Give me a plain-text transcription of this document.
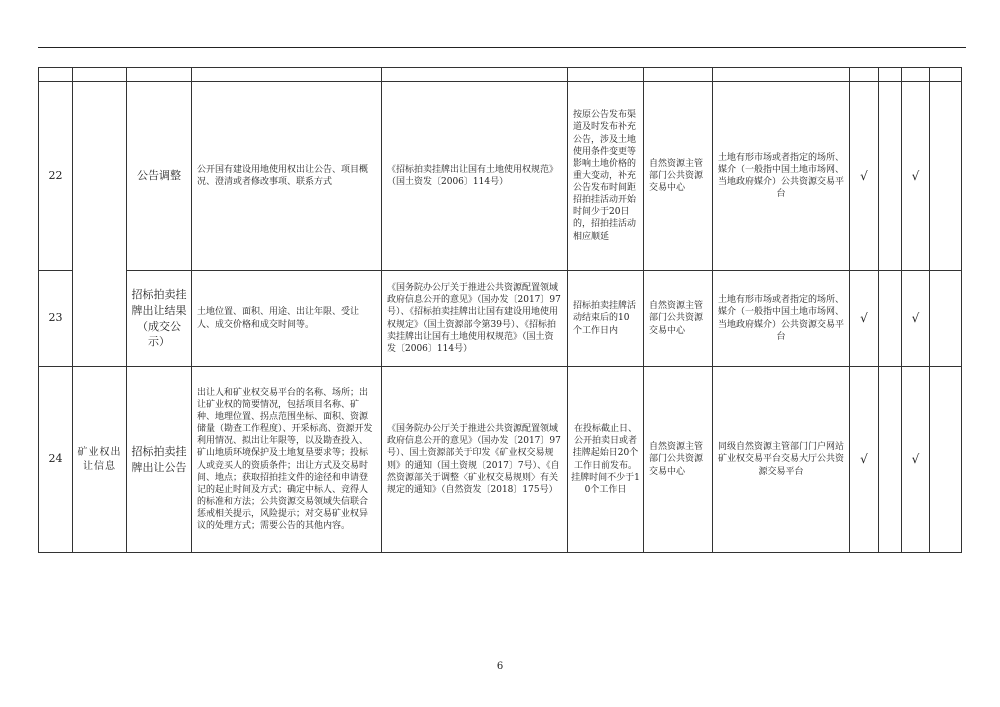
22		公告调整	公开国有建设用地使用权出让公告、项目概况、澄清或者修改事项、联系方式	《招标拍卖挂牌出让国有土地使用权规范》（国土资发〔2006〕114号）	按原公告发布渠道及时发布补充公告，涉及土地使用条件变更等影响土地价格的重大变动，补充公告发布时间距招拍挂活动开始时间少于20日的，招拍挂活动相应顺延	自然资源主管部门公共资源交易中心	土地有形市场或者指定的场所、媒介（一般指中国土地市场网、当地政府媒介）公共资源交易平台	√		√	
23		招标拍卖挂牌出让结果（成交公示）	土地位置、面积、用途、出让年限、受让人、成交价格和成交时间等。	《国务院办公厅关于推进公共资源配置领域政府信息公开的意见》（国办发〔2017〕97号）、《招标拍卖挂牌出让国有建设用地使用权规定》（国土资源部令第39号）、《招标拍卖挂牌出让国有土地使用权规范》（国土资发〔2006〕114号）	招标拍卖挂牌活动结束后的10个工作日内	自然资源主管部门公共资源交易中心	土地有形市场或者指定的场所、媒介（一般指中国土地市场网、当地政府媒介）公共资源交易平台	√		√	
24	矿业权出让信息	招标拍卖挂牌出让公告	出让人和矿业权交易平台的名称、场所；出让矿业权的简要情况，包括项目名称、矿种、地理位置、拐点范围坐标、面积、资源储量（勘查工作程度）、开采标高、资源开发利用情况、拟出让年限等，以及勘查投入、矿山地质环境保护及土地复垦要求等；投标人或竞买人的资质条件；出让方式及交易时间、地点；获取招拍挂文件的途径和申请登记的起止时间及方式；确定中标人、竞得人的标准和方法；公共资源交易领域失信联合惩戒相关提示，风险提示；对交易矿业权异议的处理方式；需要公告的其他内容。	《国务院办公厅关于推进公共资源配置领域政府信息公开的意见》（国办发〔2017〕97号）、国土资源部关于印发《矿业权交易规则》的通知（国土资规〔2017〕7号）、《自然资源部关于调整〈矿业权交易规则〉有关规定的通知》（自然资发〔2018〕175号）	在投标截止日、公开拍卖日或者挂牌起始日20个工作日前发布。挂牌时间不少于10个工作日	自然资源主管部门公共资源交易中心	同级自然资源主管部门门户网站矿业权交易平台交易大厅公共资源交易平台	√		√	
6
